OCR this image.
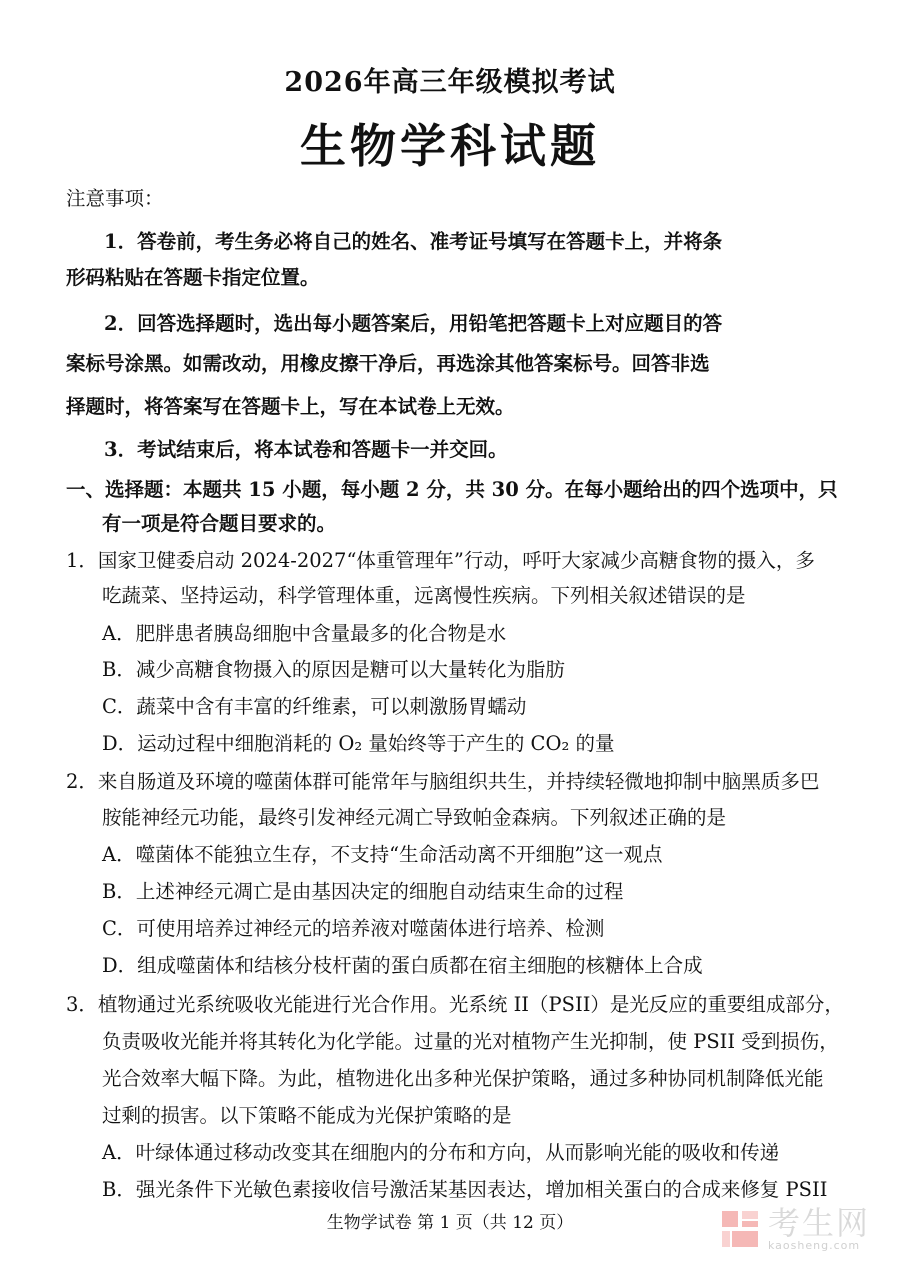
2026年高三年级模拟考试
生物学科试题
注意事项：
1．答卷前，考生务必将自己的姓名、准考证号填写在答题卡上，并将条
形码粘贴在答题卡指定位置。
2．回答选择题时，选出每小题答案后，用铅笔把答题卡上对应题目的答
案标号涂黑。如需改动，用橡皮擦干净后，再选涂其他答案标号。回答非选
择题时，将答案写在答题卡上，写在本试卷上无效。
3．考试结束后，将本试卷和答题卡一并交回。
一、选择题：本题共 15 小题，每小题 2 分，共 30 分。在每小题给出的四个选项中，只
有一项是符合题目要求的。
1．国家卫健委启动 2024-2027“体重管理年”行动，呼吁大家减少高糖食物的摄入，多
吃蔬菜、坚持运动，科学管理体重，远离慢性疾病。下列相关叙述错误的是
A．肥胖患者胰岛细胞中含量最多的化合物是水
B．减少高糖食物摄入的原因是糖可以大量转化为脂肪
C．蔬菜中含有丰富的纤维素，可以刺激肠胃蠕动
D．运动过程中细胞消耗的 O₂ 量始终等于产生的 CO₂ 的量
2．来自肠道及环境的噬菌体群可能常年与脑组织共生，并持续轻微地抑制中脑黑质多巴
胺能神经元功能，最终引发神经元凋亡导致帕金森病。下列叙述正确的是
A．噬菌体不能独立生存，不支持“生命活动离不开细胞”这一观点
B．上述神经元凋亡是由基因决定的细胞自动结束生命的过程
C．可使用培养过神经元的培养液对噬菌体进行培养、检测
D．组成噬菌体和结核分枝杆菌的蛋白质都在宿主细胞的核糖体上合成
3．植物通过光系统吸收光能进行光合作用。光系统 II（PSII）是光反应的重要组成部分，
负责吸收光能并将其转化为化学能。过量的光对植物产生光抑制，使 PSII 受到损伤，
光合效率大幅下降。为此，植物进化出多种光保护策略，通过多种协同机制降低光能
过剩的损害。以下策略不能成为光保护策略的是
A．叶绿体通过移动改变其在细胞内的分布和方向，从而影响光能的吸收和传递
B．强光条件下光敏色素接收信号激活某基因表达，增加相关蛋白的合成来修复 PSII
生物学试卷 第 1 页（共 12 页）	考生网
kaosheng.com
